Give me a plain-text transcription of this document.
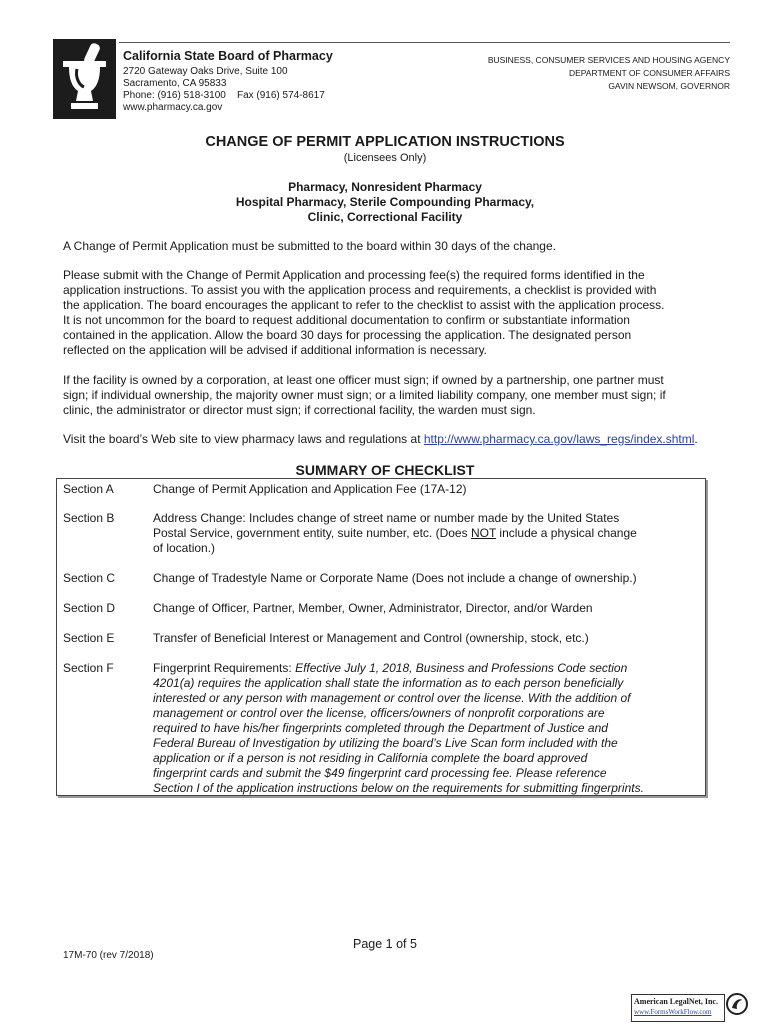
California State Board of Pharmacy
2720 Gateway Oaks Drive, Suite 100
Sacramento, CA 95833
Phone: (916) 518-3100    Fax (916) 574-8617
www.pharmacy.ca.gov
BUSINESS, CONSUMER SERVICES AND HOUSING AGENCY
DEPARTMENT OF CONSUMER AFFAIRS
GAVIN NEWSOM, GOVERNOR
CHANGE OF PERMIT APPLICATION INSTRUCTIONS
(Licensees Only)
Pharmacy, Nonresident Pharmacy
Hospital Pharmacy, Sterile Compounding Pharmacy,
Clinic, Correctional Facility
A Change of Permit Application must be submitted to the board within 30 days of the change.
Please submit with the Change of Permit Application and processing fee(s) the required forms identified in the
application instructions. To assist you with the application process and requirements, a checklist is provided with
the application. The board encourages the applicant to refer to the checklist to assist with the application process.
It is not uncommon for the board to request additional documentation to confirm or substantiate information
contained in the application. Allow the board 30 days for processing the application. The designated person
reflected on the application will be advised if additional information is necessary.
If the facility is owned by a corporation, at least one officer must sign; if owned by a partnership, one partner must
sign; if individual ownership, the majority owner must sign; or a limited liability company, one member must sign; if
clinic, the administrator or director must sign; if correctional facility, the warden must sign.
Visit the board’s Web site to view pharmacy laws and regulations at http://www.pharmacy.ca.gov/laws_regs/index.shtml.
SUMMARY OF CHECKLIST
Section A	Change of Permit Application and Application Fee (17A-12)
Section B	Address Change: Includes change of street name or number made by the United States
Postal Service, government entity, suite number, etc. (Does NOT include a physical change
of location.)
Section C	Change of Tradestyle Name or Corporate Name (Does not include a change of ownership.)
Section D	Change of Officer, Partner, Member, Owner, Administrator, Director, and/or Warden
Section E	Transfer of Beneficial Interest or Management and Control (ownership, stock, etc.)
Section F	Fingerprint Requirements: Effective July 1, 2018, Business and Professions Code section
4201(a) requires the application shall state the information as to each person beneficially
interested or any person with management or control over the license. With the addition of
management or control over the license, officers/owners of nonprofit corporations are
required to have his/her fingerprints completed through the Department of Justice and
Federal Bureau of Investigation by utilizing the board’s Live Scan form included with the
application or if a person is not residing in California complete the board approved
fingerprint cards and submit the $49 fingerprint card processing fee. Please reference
Section I of the application instructions below on the requirements for submitting fingerprints.
Page 1 of 5
17M-70 (rev 7/2018)
American LegalNet, Inc.
www.FormsWorkFlow.com
